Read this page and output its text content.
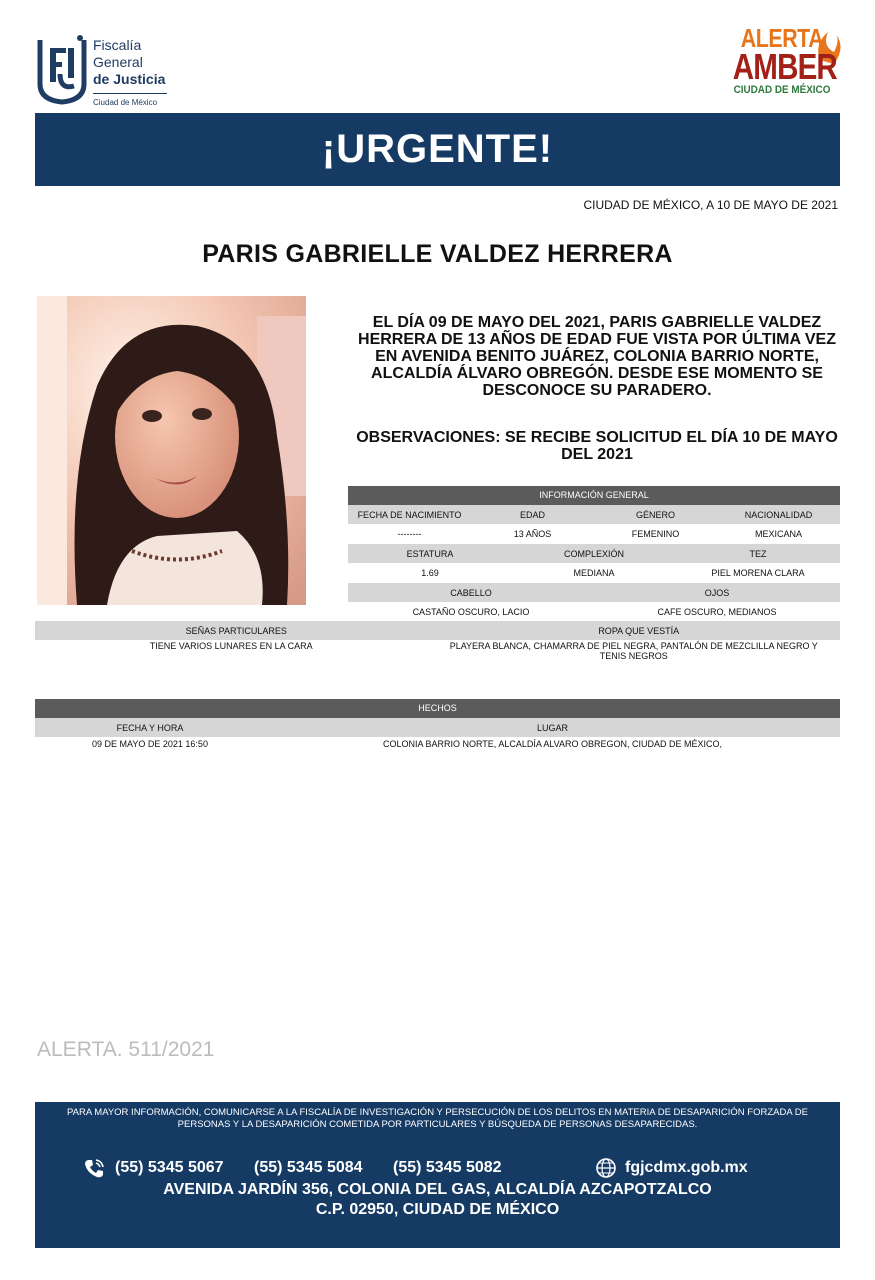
Fiscalía
General
de Justicia
Ciudad de México
ALERTA
AMBER
CIUDAD DE MÉXICO
¡URGENTE!
CIUDAD DE MÉXICO, A 10 DE MAYO DE 2021
PARIS GABRIELLE VALDEZ HERRERA
EL DÍA 09 DE MAYO DEL 2021, PARIS GABRIELLE VALDEZ HERRERA DE 13 AÑOS DE EDAD FUE VISTA POR ÚLTIMA VEZ EN AVENIDA BENITO JUÁREZ, COLONIA BARRIO NORTE, ALCALDÍA ÁLVARO OBREGÓN. DESDE ESE MOMENTO SE DESCONOCE SU PARADERO.
OBSERVACIONES: SE RECIBE SOLICITUD EL DÍA 10 DE MAYO DEL 2021
INFORMACIÓN GENERAL
FECHA DE NACIMIENTO	EDAD	GÉNERO	NACIONALIDAD
--------	13 AÑOS	FEMENINO	MEXICANA
ESTATURA	COMPLEXIÓN	TEZ
1.69	MEDIANA	PIEL MORENA CLARA
CABELLO	OJOS
CASTAÑO OSCURO, LACIO	CAFE OSCURO, MEDIANOS
SEÑAS PARTICULARES	ROPA QUE VESTÍA
TIENE VARIOS LUNARES EN LA CARA	PLAYERA BLANCA, CHAMARRA DE PIEL NEGRA, PANTALÓN DE MEZCLILLA NEGRO Y TENIS NEGROS
HECHOS
FECHA Y HORA	LUGAR
09 DE MAYO DE 2021 16:50	COLONIA BARRIO NORTE, ALCALDÍA ALVARO OBREGON, CIUDAD DE MÉXICO,
ALERTA. 511/2021
PARA MAYOR INFORMACIÓN, COMUNICARSE A LA FISCALÍA DE INVESTIGACIÓN Y PERSECUCIÓN DE LOS DELITOS EN MATERIA DE DESAPARICIÓN FORZADA DE PERSONAS Y LA DESAPARICIÓN COMETIDA POR PARTICULARES Y BÚSQUEDA DE PERSONAS DESAPARECIDAS.
(55) 5345 5067 (55) 5345 5084 (55) 5345 5082	fgjcdmx.gob.mx
AVENIDA JARDÍN 356, COLONIA DEL GAS, ALCALDÍA AZCAPOTZALCO
C.P. 02950, CIUDAD DE MÉXICO
